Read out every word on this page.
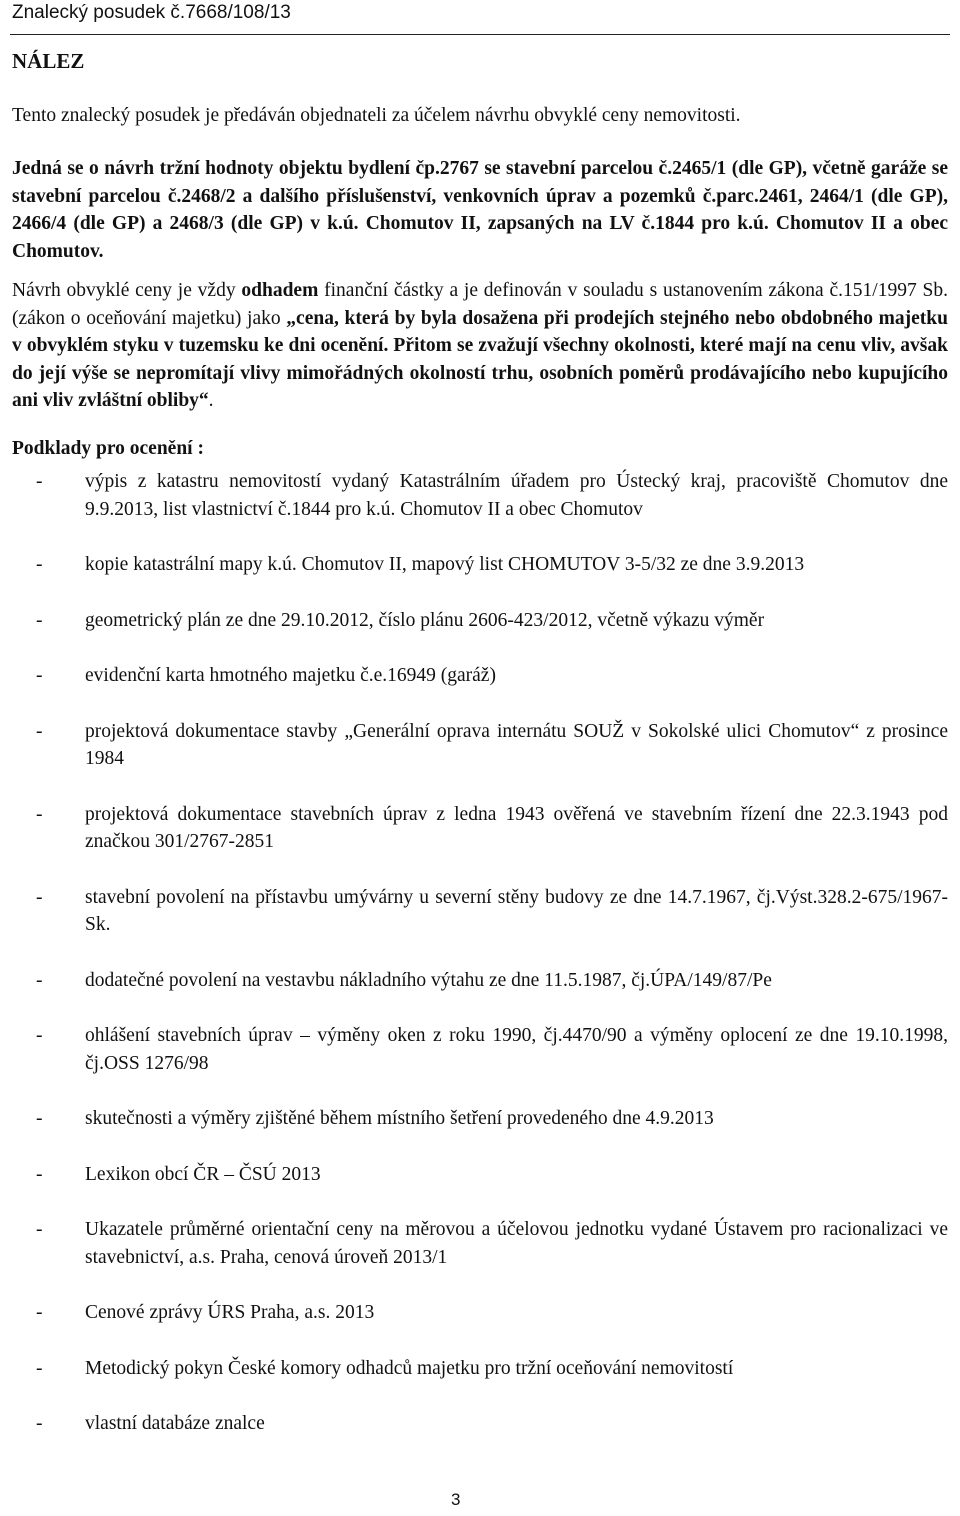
Znalecký posudek č.7668/108/13
NÁLEZ

Tento znalecký posudek je předáván objednateli za účelem návrhu obvyklé ceny nemovitosti.

Jedná se o návrh tržní hodnoty objektu bydlení čp.2767 se stavební parcelou č.2465/1 (dle GP), včetně garáže se stavební parcelou č.2468/2 a dalšího příslušenství, venkovních úprav a pozemků č.parc.2461, 2464/1 (dle GP), 2466/4 (dle GP) a 2468/3 (dle GP) v k.ú. Chomutov II, zapsaných na LV č.1844 pro k.ú. Chomutov II a obec Chomutov.

Návrh obvyklé ceny je vždy odhadem finanční částky a je definován v souladu s ustanovením zákona č.151/1997 Sb. (zákon o oceňování majetku) jako „cena, která by byla dosažena při prodejích stejného nebo obdobného majetku v obvyklém styku v tuzemsku ke dni ocenění. Přitom se zvažují všechny okolnosti, které mají na cenu vliv, avšak do její výše se nepromítají vlivy mimořádných okolností trhu, osobních poměrů prodávajícího nebo kupujícího ani vliv zvláštní obliby“.

Podklady pro ocenění :
- výpis z katastru nemovitostí vydaný Katastrálním úřadem pro Ústecký kraj, pracoviště Chomutov dne 9.9.2013, list vlastnictví č.1844 pro k.ú. Chomutov II a obec Chomutov
- kopie katastrální mapy k.ú. Chomutov II, mapový list CHOMUTOV 3-5/32 ze dne 3.9.2013
- geometrický plán ze dne 29.10.2012, číslo plánu 2606-423/2012, včetně výkazu výměr
- evidenční karta hmotného majetku č.e.16949 (garáž)
- projektová dokumentace stavby „Generální oprava internátu SOUŽ v Sokolské ulici Chomutov“ z prosince 1984
- projektová dokumentace stavebních úprav z ledna 1943 ověřená ve stavebním řízení dne 22.3.1943 pod značkou 301/2767-2851
- stavební povolení na přístavbu umývárny u severní stěny budovy ze dne 14.7.1967, čj.Výst.328.2-675/1967-Sk.
- dodatečné povolení na vestavbu nákladního výtahu ze dne 11.5.1987, čj.ÚPA/149/87/Pe
- ohlášení stavebních úprav – výměny oken z roku 1990, čj.4470/90 a výměny oplocení ze dne 19.10.1998, čj.OSS 1276/98
- skutečnosti a výměry zjištěné během místního šetření provedeného dne 4.9.2013
- Lexikon obcí ČR – ČSÚ 2013
- Ukazatele průměrné orientační ceny na měrovou a účelovou jednotku vydané Ústavem pro racionalizaci ve stavebnictví, a.s. Praha, cenová úroveň 2013/1
- Cenové zprávy ÚRS Praha, a.s. 2013
- Metodický pokyn České komory odhadců majetku pro tržní oceňování nemovitostí
- vlastní databáze znalce
3
